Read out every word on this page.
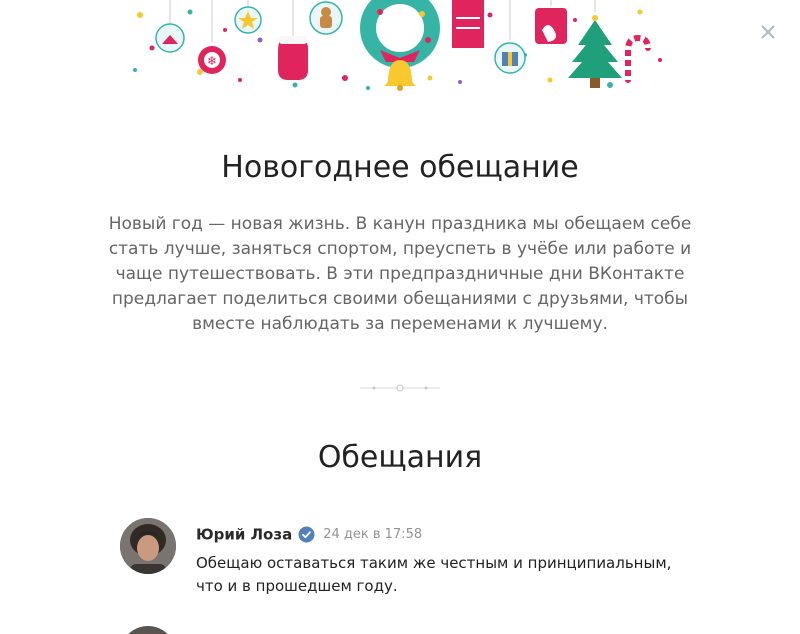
❄
Новогоднее обещание

Новый год — новая жизнь. В канун праздника мы обещаем себе стать лучше, заняться спортом, преуспеть в учёбе или работе и чаще путешествовать. В эти предпраздничные дни ВКонтакте предлагает поделиться своими обещаниями с друзьями, чтобы вместе наблюдать за переменами к лучшему.

Обещания
Юрий Лоза 24 дек в 17:58

Обещаю оставаться таким же честным и принципиальным, что и в прошедшем году.
